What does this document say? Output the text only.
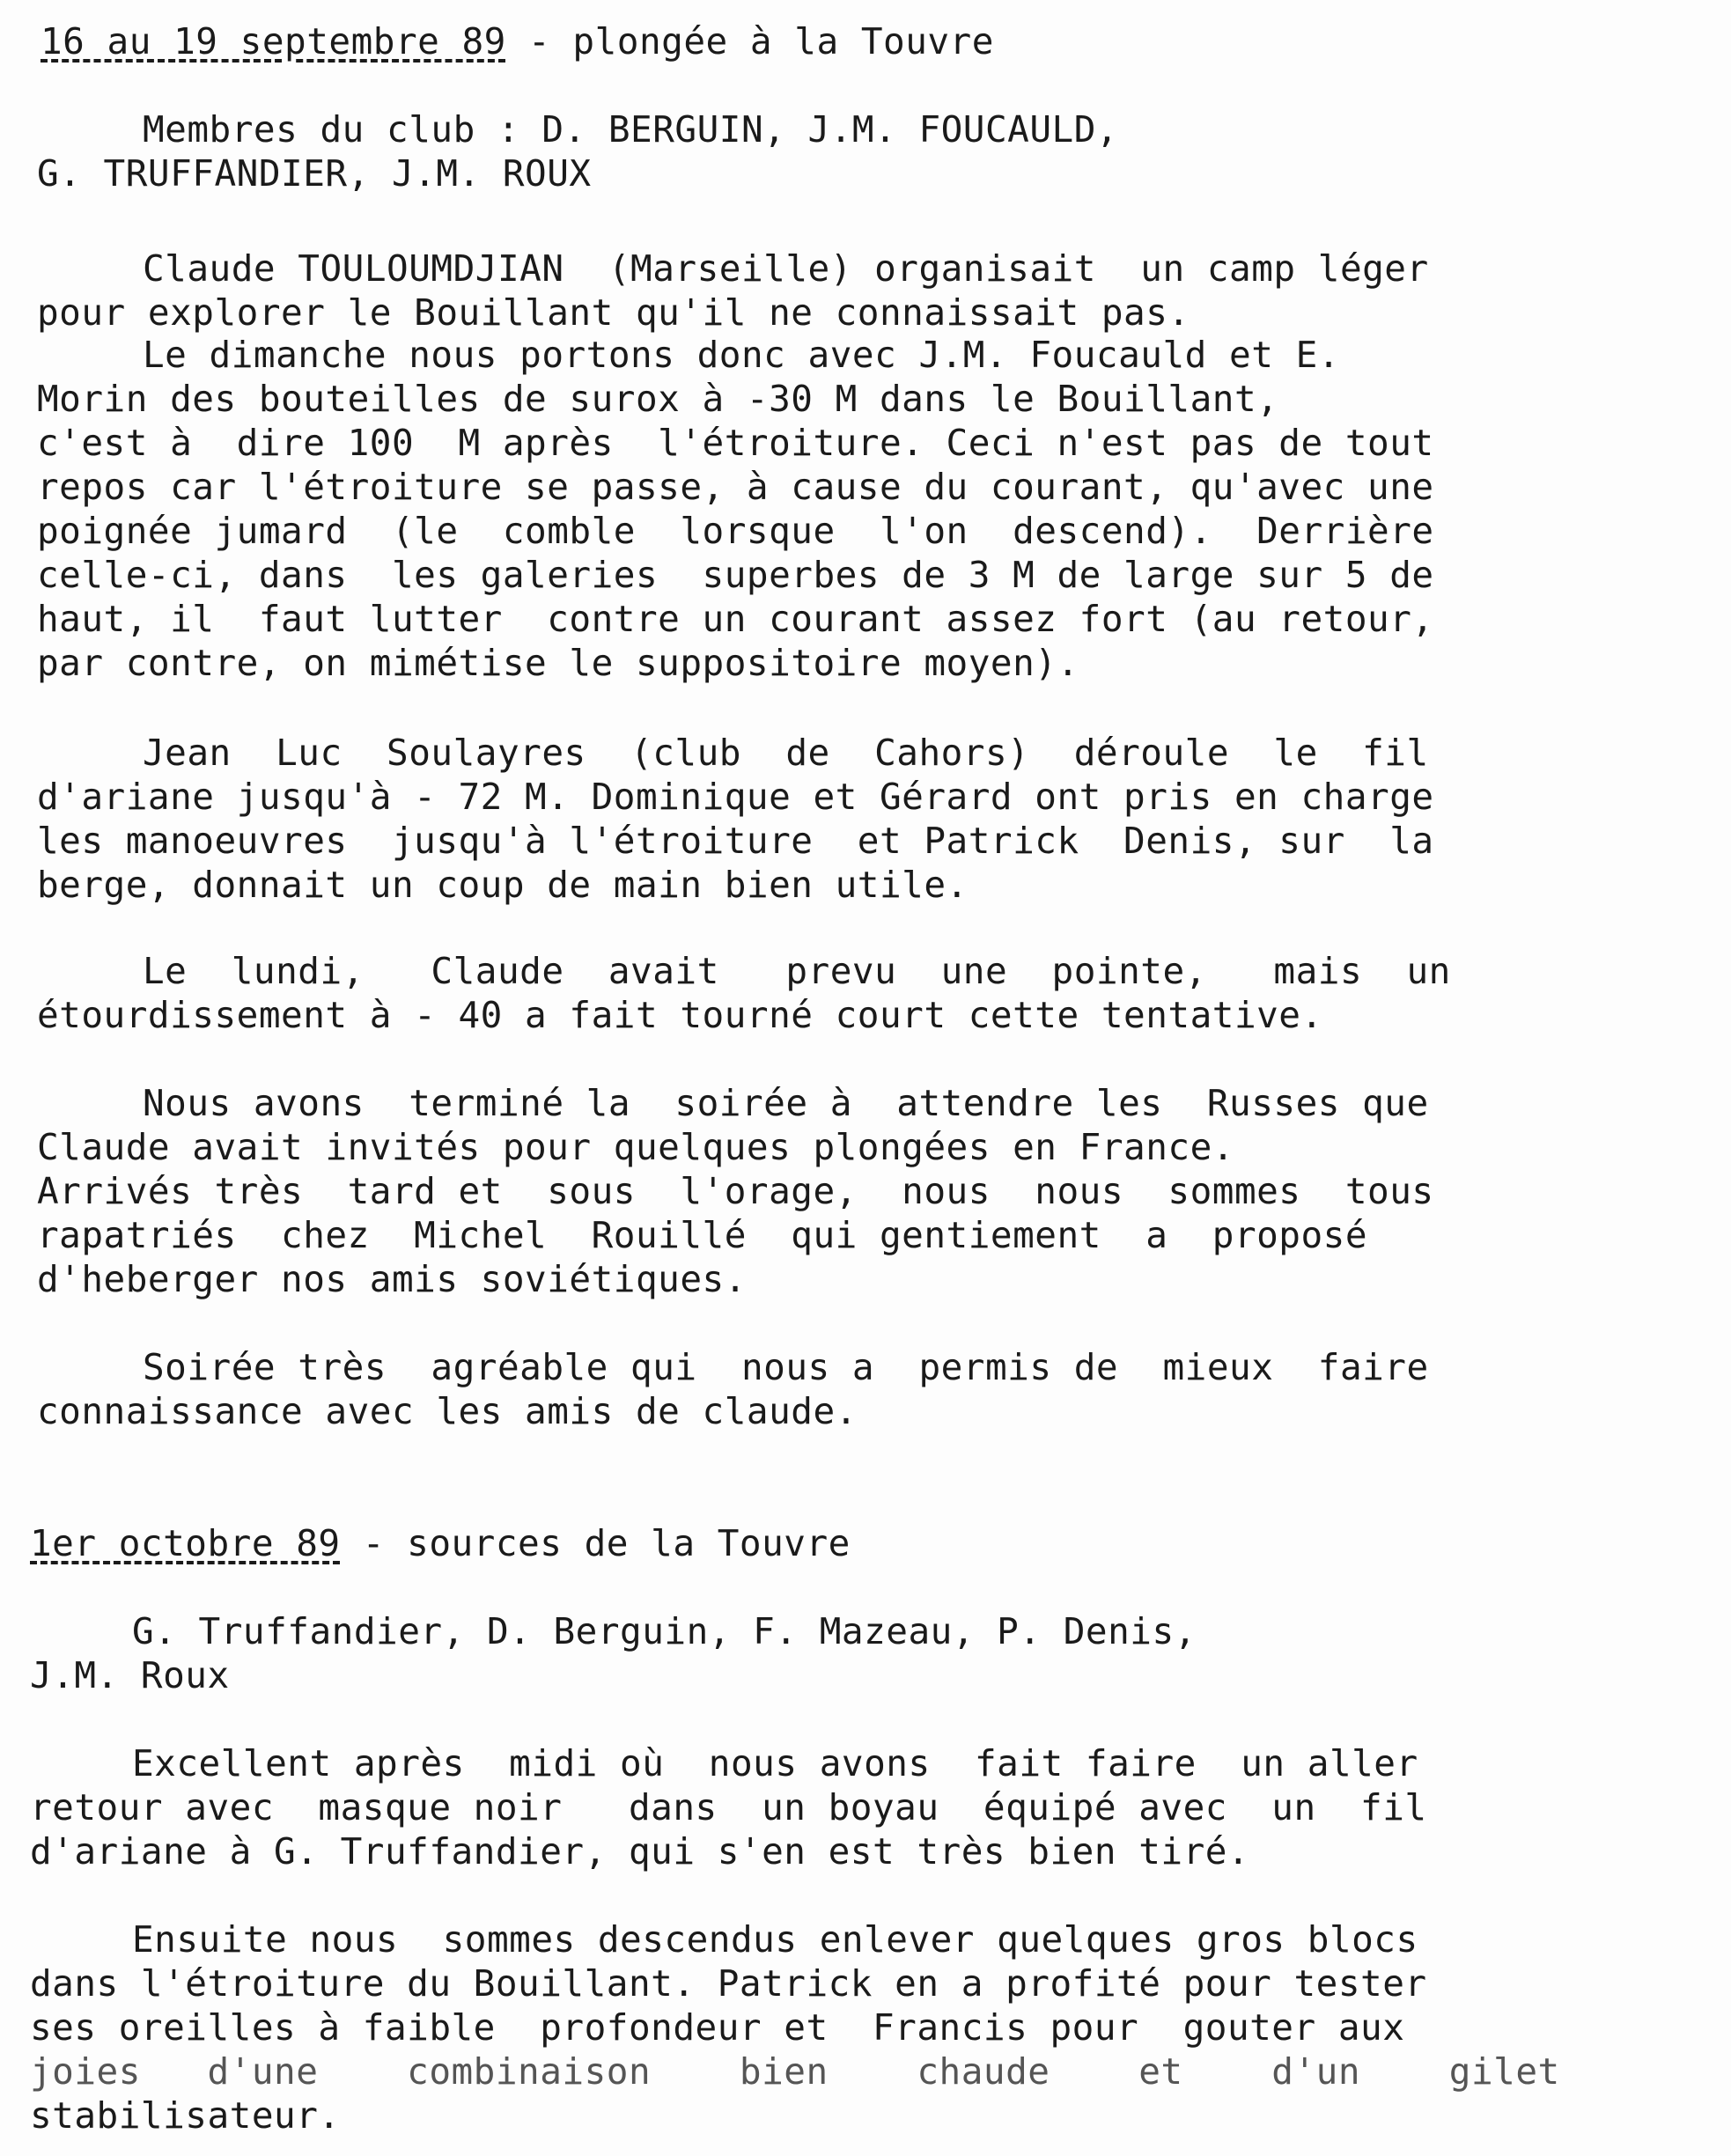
16 au 19 septembre 89 - plongée à la Touvre
Membres du club : D. BERGUIN, J.M. FOUCAULD,
G. TRUFFANDIER, J.M. ROUX
Claude TOULOUMDJIAN  (Marseille) organisait  un camp léger
pour explorer le Bouillant qu'il ne connaissait pas.
Le dimanche nous portons donc avec J.M. Foucauld et E.
Morin des bouteilles de surox à -30 M dans le Bouillant,
c'est à  dire 100  M après  l'étroiture. Ceci n'est pas de tout
repos car l'étroiture se passe, à cause du courant, qu'avec une
poignée jumard  (le  comble  lorsque  l'on  descend).  Derrière
celle-ci, dans  les galeries  superbes de 3 M de large sur 5 de
haut, il  faut lutter  contre un courant assez fort (au retour,
par contre, on mimétise le suppositoire moyen).
Jean  Luc  Soulayres  (club  de  Cahors)  déroule  le  fil
d'ariane jusqu'à - 72 M. Dominique et Gérard ont pris en charge
les manoeuvres  jusqu'à l'étroiture  et Patrick  Denis, sur  la
berge, donnait un coup de main bien utile.
Le  lundi,   Claude  avait   prevu  une  pointe,   mais  un
étourdissement à - 40 a fait tourné court cette tentative.
Nous avons  terminé la  soirée à  attendre les  Russes que
Claude avait invités pour quelques plongées en France.
Arrivés très  tard et  sous  l'orage,  nous  nous  sommes  tous
rapatriés  chez  Michel  Rouillé  qui gentiement  a  proposé
d'heberger nos amis soviétiques.
Soirée très  agréable qui  nous a  permis de  mieux  faire
connaissance avec les amis de claude.
1er octobre 89 - sources de la Touvre
G. Truffandier, D. Berguin, F. Mazeau, P. Denis,
J.M. Roux
Excellent après  midi où  nous avons  fait faire  un aller
retour avec  masque noir   dans  un boyau  équipé avec  un  fil
d'ariane à G. Truffandier, qui s'en est très bien tiré.
Ensuite nous  sommes descendus enlever quelques gros blocs
dans l'étroiture du Bouillant. Patrick en a profité pour tester
ses oreilles à faible  profondeur et  Francis pour  gouter aux
joies   d'une    combinaison    bien    chaude    et    d'un    gilet
stabilisateur.
